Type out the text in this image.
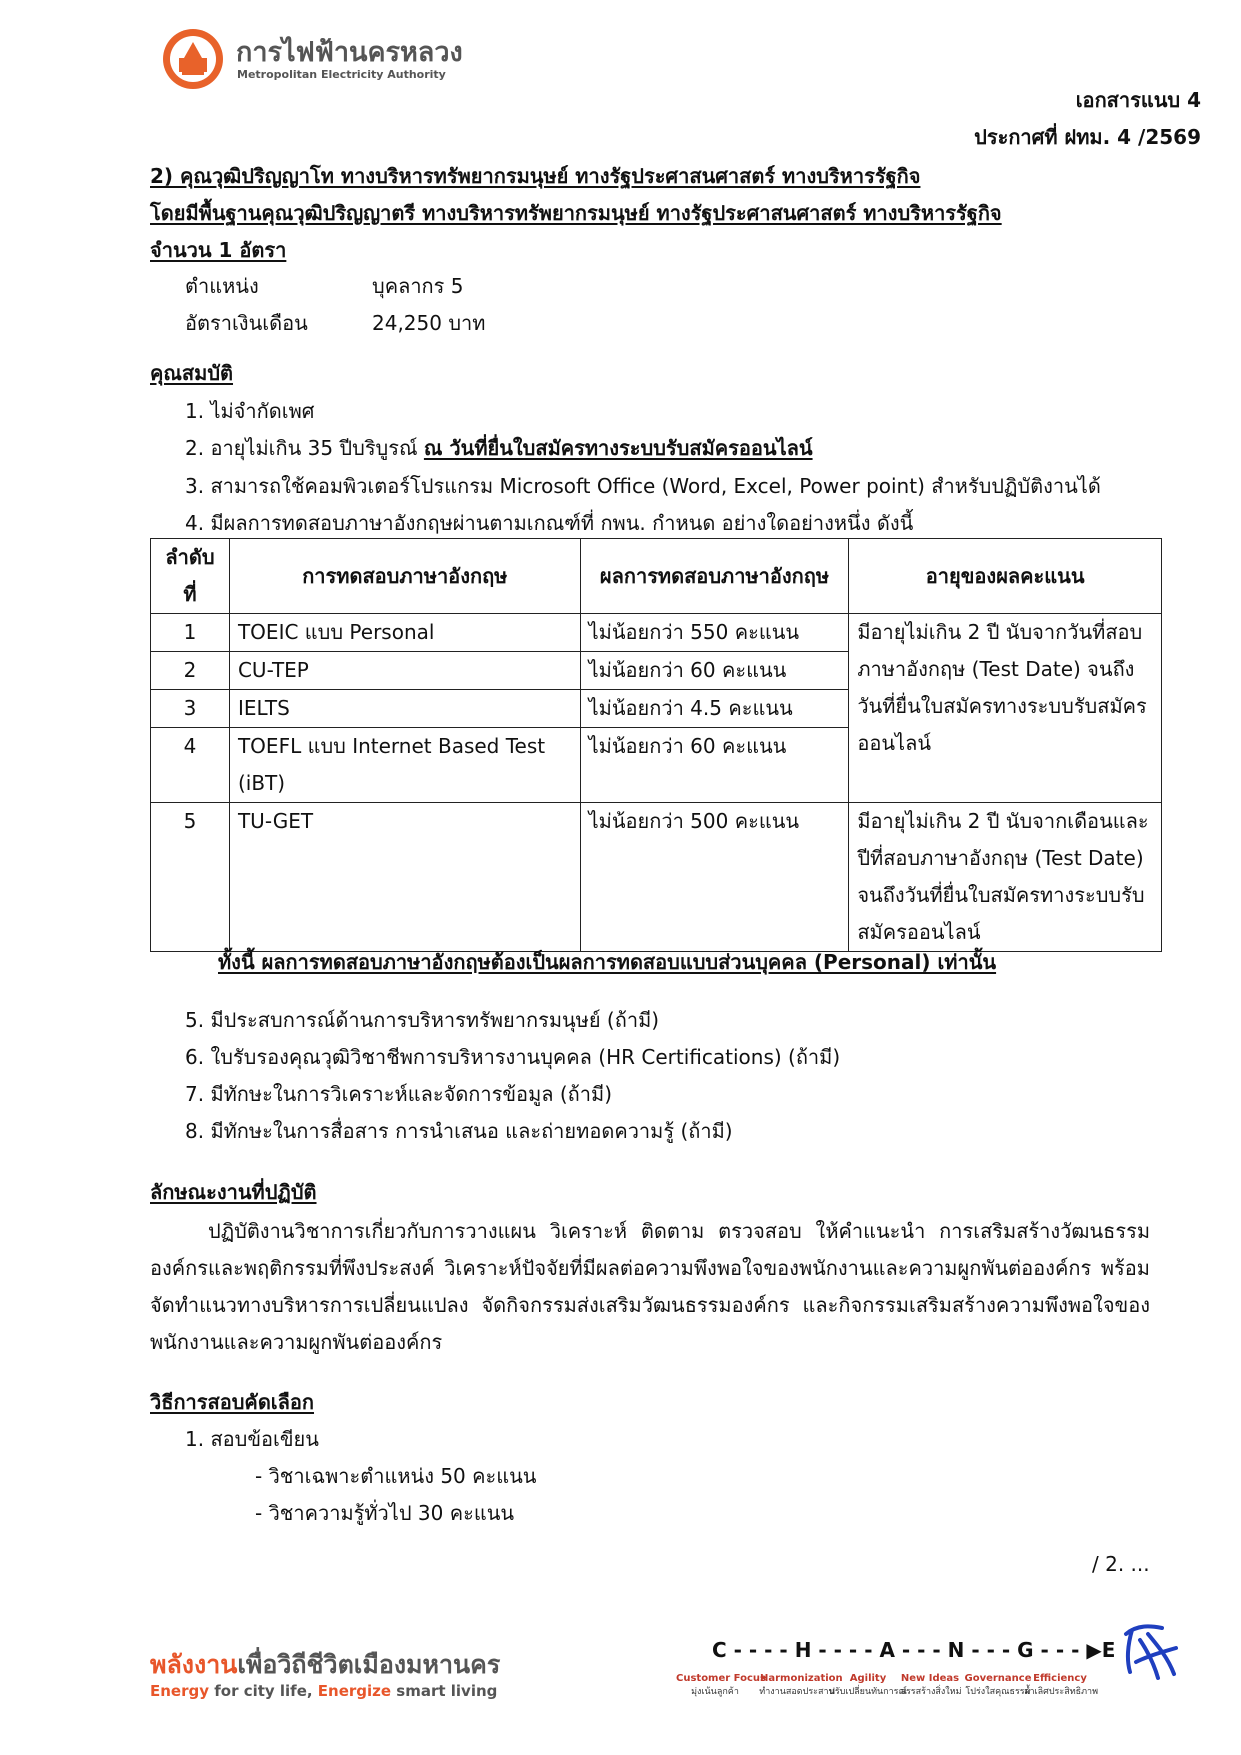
การไฟฟ้านครหลวง
Metropolitan Electricity Authority
เอกสารแนบ 4
ประกาศที่ ฝทม. 4 /2569
2) คุณวุฒิปริญญาโท ทางบริหารทรัพยากรมนุษย์ ทางรัฐประศาสนศาสตร์ ทางบริหารรัฐกิจ
โดยมีพื้นฐานคุณวุฒิปริญญาตรี ทางบริหารทรัพยากรมนุษย์ ทางรัฐประศาสนศาสตร์ ทางบริหารรัฐกิจ
จำนวน 1 อัตรา
ตำแหน่ง	บุคลากร 5
อัตราเงินเดือน	24,250 บาท
คุณสมบัติ
1. ไม่จำกัดเพศ
2. อายุไม่เกิน 35 ปีบริบูรณ์ ณ วันที่ยื่นใบสมัครทางระบบรับสมัครออนไลน์
3. สามารถใช้คอมพิวเตอร์โปรแกรม Microsoft Office (Word, Excel, Power point) สำหรับปฏิบัติงานได้
4. มีผลการทดสอบภาษาอังกฤษผ่านตามเกณฑ์ที่ กพน. กำหนด อย่างใดอย่างหนึ่ง ดังนี้
ลำดับที่	การทดสอบภาษาอังกฤษ	ผลการทดสอบภาษาอังกฤษ	อายุของผลคะแนน
1	TOEIC แบบ Personal	ไม่น้อยกว่า 550 คะแนน	มีอายุไม่เกิน 2 ปี นับจากวันที่สอบภาษาอังกฤษ (Test Date) จนถึงวันที่ยื่นใบสมัครทางระบบรับสมัครออนไลน์
2	CU-TEP	ไม่น้อยกว่า 60 คะแนน	
3	IELTS	ไม่น้อยกว่า 4.5 คะแนน	
4	TOEFL แบบ Internet Based Test (iBT)	ไม่น้อยกว่า 60 คะแนน	
5	TU-GET	ไม่น้อยกว่า 500 คะแนน	มีอายุไม่เกิน 2 ปี นับจากเดือนและปีที่สอบภาษาอังกฤษ (Test Date) จนถึงวันที่ยื่นใบสมัครทางระบบรับสมัครออนไลน์
ทั้งนี้ ผลการทดสอบภาษาอังกฤษต้องเป็นผลการทดสอบแบบส่วนบุคคล (Personal) เท่านั้น
5. มีประสบการณ์ด้านการบริหารทรัพยากรมนุษย์ (ถ้ามี)
6. ใบรับรองคุณวุฒิวิชาชีพการบริหารงานบุคคล (HR Certifications) (ถ้ามี)
7. มีทักษะในการวิเคราะห์และจัดการข้อมูล (ถ้ามี)
8. มีทักษะในการสื่อสาร การนำเสนอ และถ่ายทอดความรู้ (ถ้ามี)
ลักษณะงานที่ปฏิบัติ
ปฏิบัติงานวิชาการเกี่ยวกับการวางแผน วิเคราะห์ ติดตาม ตรวจสอบ ให้คำแนะนำ การเสริมสร้างวัฒนธรรมองค์กรและพฤติกรรมที่พึงประสงค์ วิเคราะห์ปัจจัยที่มีผลต่อความพึงพอใจของพนักงานและความผูกพันต่อองค์กร พร้อมจัดทำแนวทางบริหารการเปลี่ยนแปลง จัดกิจกรรมส่งเสริมวัฒนธรรมองค์กร และกิจกรรมเสริมสร้างความพึงพอใจของพนักงานและความผูกพันต่อองค์กร
วิธีการสอบคัดเลือก
1. สอบข้อเขียน
- วิชาเฉพาะตำแหน่ง 50 คะแนน
- วิชาความรู้ทั่วไป 30 คะแนน
/ 2. ...
พลังงานเพื่อวิถีชีวิตเมืองมหานคร
Energy for city life, Energize smart living
C - - - - H - - - - A - - - N - - - G - - - ▶E
Customer Focus
มุ่งเน้นลูกค้า
Harmonization
ทำงานสอดประสาน
Agility
ปรับเปลี่ยนทันการณ์
New Ideas
สรรสร้างสิ่งใหม่
Governance
โปร่งใสคุณธรรม
Efficiency
ล้ำเลิศประสิทธิภาพ
